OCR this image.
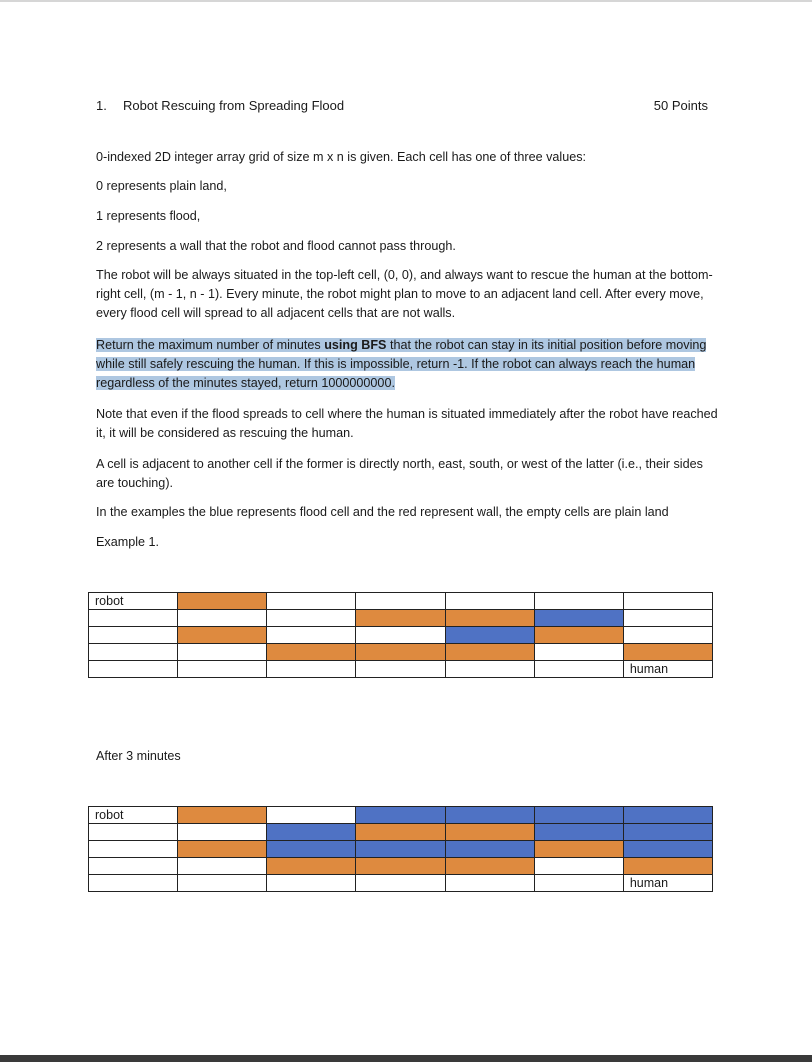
1. Robot Rescuing from Spreading Flood	50 Points

0-indexed 2D integer array grid of size m x n is given. Each cell has one of three values:

0 represents plain land,

1 represents flood,

2 represents a wall that the robot and flood cannot pass through.

The robot will be always situated in the top-left cell, (0, 0), and always want to rescue the human at the bottom-right cell, (m - 1, n - 1). Every minute, the robot might plan to move to an adjacent land cell. After every move, every flood cell will spread to all adjacent cells that are not walls.

Return the maximum number of minutes using BFS that the robot can stay in its initial position before moving while still safely rescuing the human. If this is impossible, return -1. If the robot can always reach the human regardless of the minutes stayed, return 1000000000.

Note that even if the flood spreads to cell where the human is situated immediately after the robot have reached it, it will be considered as rescuing the human.

A cell is adjacent to another cell if the former is directly north, east, south, or west of the latter (i.e., their sides are touching).

In the examples the blue represents flood cell and the red represent wall, the empty cells are plain land

Example 1.

robot						

						human

After 3 minutes

robot						

						human
